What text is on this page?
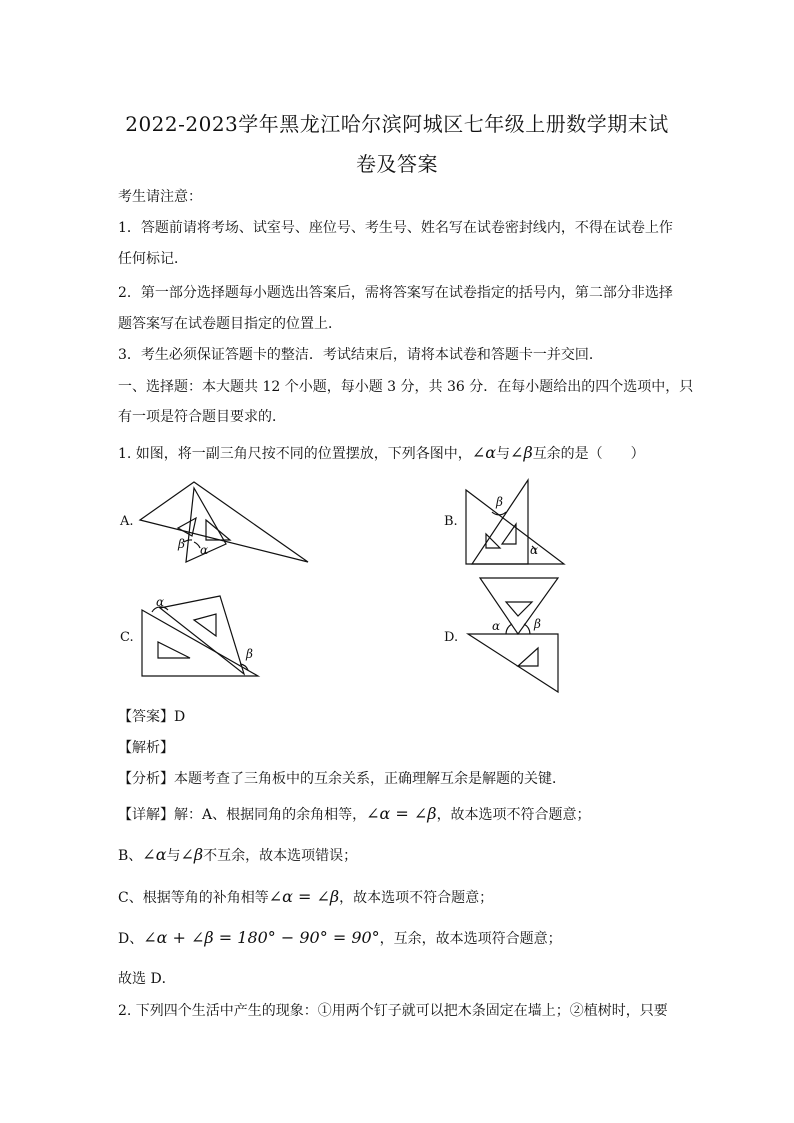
2022-2023学年黑龙江哈尔滨阿城区七年级上册数学期末试
卷及答案
考生请注意：
1．答题前请将考场、试室号、座位号、考生号、姓名写在试卷密封线内，不得在试卷上作
任何标记．
2．第一部分选择题每小题选出答案后，需将答案写在试卷指定的括号内，第二部分非选择
题答案写在试卷题目指定的位置上．
3．考生必须保证答题卡的整洁．考试结束后，请将本试卷和答题卡一并交回．
一、选择题：本大题共 12 个小题，每小题 3 分，共 36 分．在每小题给出的四个选项中，只
有一项是符合题目要求的．
1. 如图，将一副三角尺按不同的位置摆放，下列各图中，∠α与∠β互余的是（　　）
A.
β α
B.
β
α
C.
α
β
D.
α	β
【答案】D
【解析】
【分析】本题考查了三角板中的互余关系，正确理解互余是解题的关键．
【详解】解：A、根据同角的余角相等，∠α = ∠β，故本选项不符合题意；
B、∠α与∠β不互余，故本选项错误；
C、根据等角的补角相等∠α = ∠β，故本选项不符合题意；
D、∠α + ∠β = 180° − 90° = 90°，互余，故本选项符合题意；
故选 D．
2. 下列四个生活中产生的现象：①用两个钉子就可以把木条固定在墙上；②植树时，只要
